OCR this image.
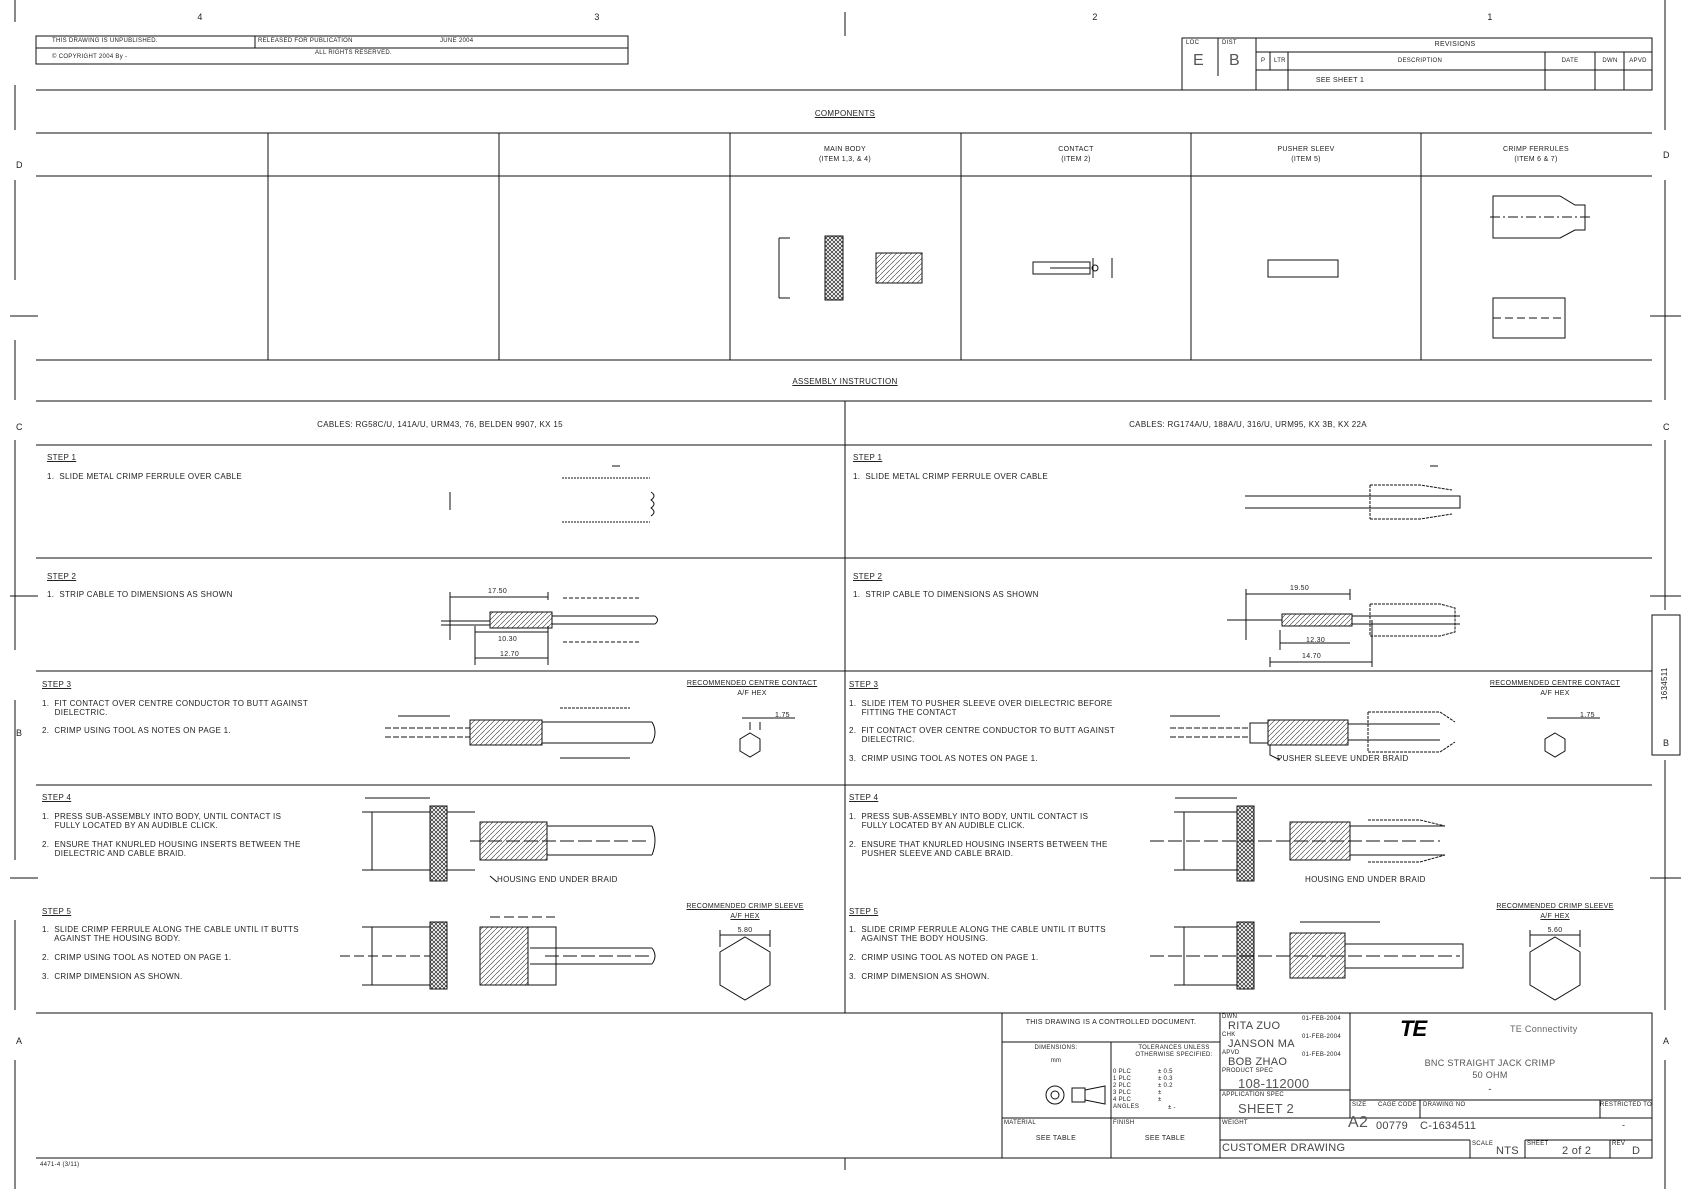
4	3	2	1
D
C
B
A
D
C
B
A
1634511
THIS DRAWING IS UNPUBLISHED.	RELEASED FOR PUBLICATION	JUNE 2004
© COPYRIGHT 2004 By -
ALL RIGHTS RESERVED.
LOC
E
DIST
B
REVISIONS
P LTR	DESCRIPTION	DATE	DWN APVD
SEE SHEET 1
COMPONENTS
MAIN BODY
(ITEM 1,3, & 4)
CONTACT
(ITEM 2)
PUSHER SLEEV
(ITEM 5)
CRIMP FERRULES
(ITEM 6 & 7)
ASSEMBLY INSTRUCTION
CABLES: RG58C/U, 141A/U, URM43, 76, BELDEN 9907, KX 15	CABLES: RG174A/U, 188A/U, 316/U, URM95, KX 3B, KX 22A
STEP 1
1.  SLIDE METAL CRIMP FERRULE OVER CABLE
STEP 2
1.  STRIP CABLE TO DIMENSIONS AS SHOWN	17.50
10.30
12.70
STEP 3
1.  FIT CONTACT OVER CENTRE CONDUCTOR TO BUTT AGAINST
DIELECTRIC.
2.  CRIMP USING TOOL AS NOTES ON PAGE 1.
RECOMMENDED CENTRE CONTACT
A/F HEX
1.75
STEP 4
1.  PRESS SUB-ASSEMBLY INTO BODY, UNTIL CONTACT IS
FULLY LOCATED BY AN AUDIBLE CLICK.
2.  ENSURE THAT KNURLED HOUSING INSERTS BETWEEN THE
DIELECTRIC AND CABLE BRAID.
HOUSING END UNDER BRAID
STEP 5
1.  SLIDE CRIMP FERRULE ALONG THE CABLE UNTIL IT BUTTS
AGAINST THE HOUSING BODY.
2.  CRIMP USING TOOL AS NOTED ON PAGE 1.
3.  CRIMP DIMENSION AS SHOWN.
RECOMMENDED CRIMP SLEEVE
A/F HEX
5.80
STEP 1
1.  SLIDE METAL CRIMP FERRULE OVER CABLE
STEP 2
1.  STRIP CABLE TO DIMENSIONS AS SHOWN
19.50
12.30
14.70
STEP 3
1.  SLIDE ITEM TO PUSHER SLEEVE OVER DIELECTRIC BEFORE
FITTING THE CONTACT
2.  FIT CONTACT OVER CENTRE CONDUCTOR TO BUTT AGAINST
DIELECTRIC.
3.  CRIMP USING TOOL AS NOTES ON PAGE 1.	PUSHER SLEEVE UNDER BRAID
RECOMMENDED CENTRE CONTACT
A/F HEX
1.75
STEP 4
1.  PRESS SUB-ASSEMBLY INTO BODY, UNTIL CONTACT IS
FULLY LOCATED BY AN AUDIBLE CLICK.
2.  ENSURE THAT KNURLED HOUSING INSERTS BETWEEN THE
PUSHER SLEEVE AND CABLE BRAID.
HOUSING END UNDER BRAID
STEP 5
1.  SLIDE CRIMP FERRULE ALONG THE CABLE UNTIL IT BUTTS
AGAINST THE BODY HOUSING.
2.  CRIMP USING TOOL AS NOTED ON PAGE 1.
3.  CRIMP DIMENSION AS SHOWN.
RECOMMENDED CRIMP SLEEVE
A/F HEX
5.60
THIS DRAWING IS A CONTROLLED DOCUMENT.
DIMENSIONS:
mm
TOLERANCES UNLESS OTHERWISE SPECIFIED:
0 PLC	± 0.5
1 PLC	± 0.3
2 PLC	± 0.2
3 PLC	±
4 PLC	±
ANGLES	± -
MATERIAL
SEE TABLE
FINISH
SEE TABLE
DWN
RITA ZUO
01-FEB-2004
CHK
JANSON MA
01-FEB-2004
APVD
BOB ZHAO
01-FEB-2004
PRODUCT SPEC
108-112000
APPLICATION SPEC
SHEET 2
WEIGHT
CUSTOMER DRAWING
TE	TE Connectivity
BNC STRAIGHT JACK CRIMP
50 OHM
-
SIZE
A2
CAGE CODE
00779
DRAWING NO
C-1634511
RESTRICTED TO
-
SCALE
NTS
SHEET
2 of 2
REV
D
4471-4 (3/11)
